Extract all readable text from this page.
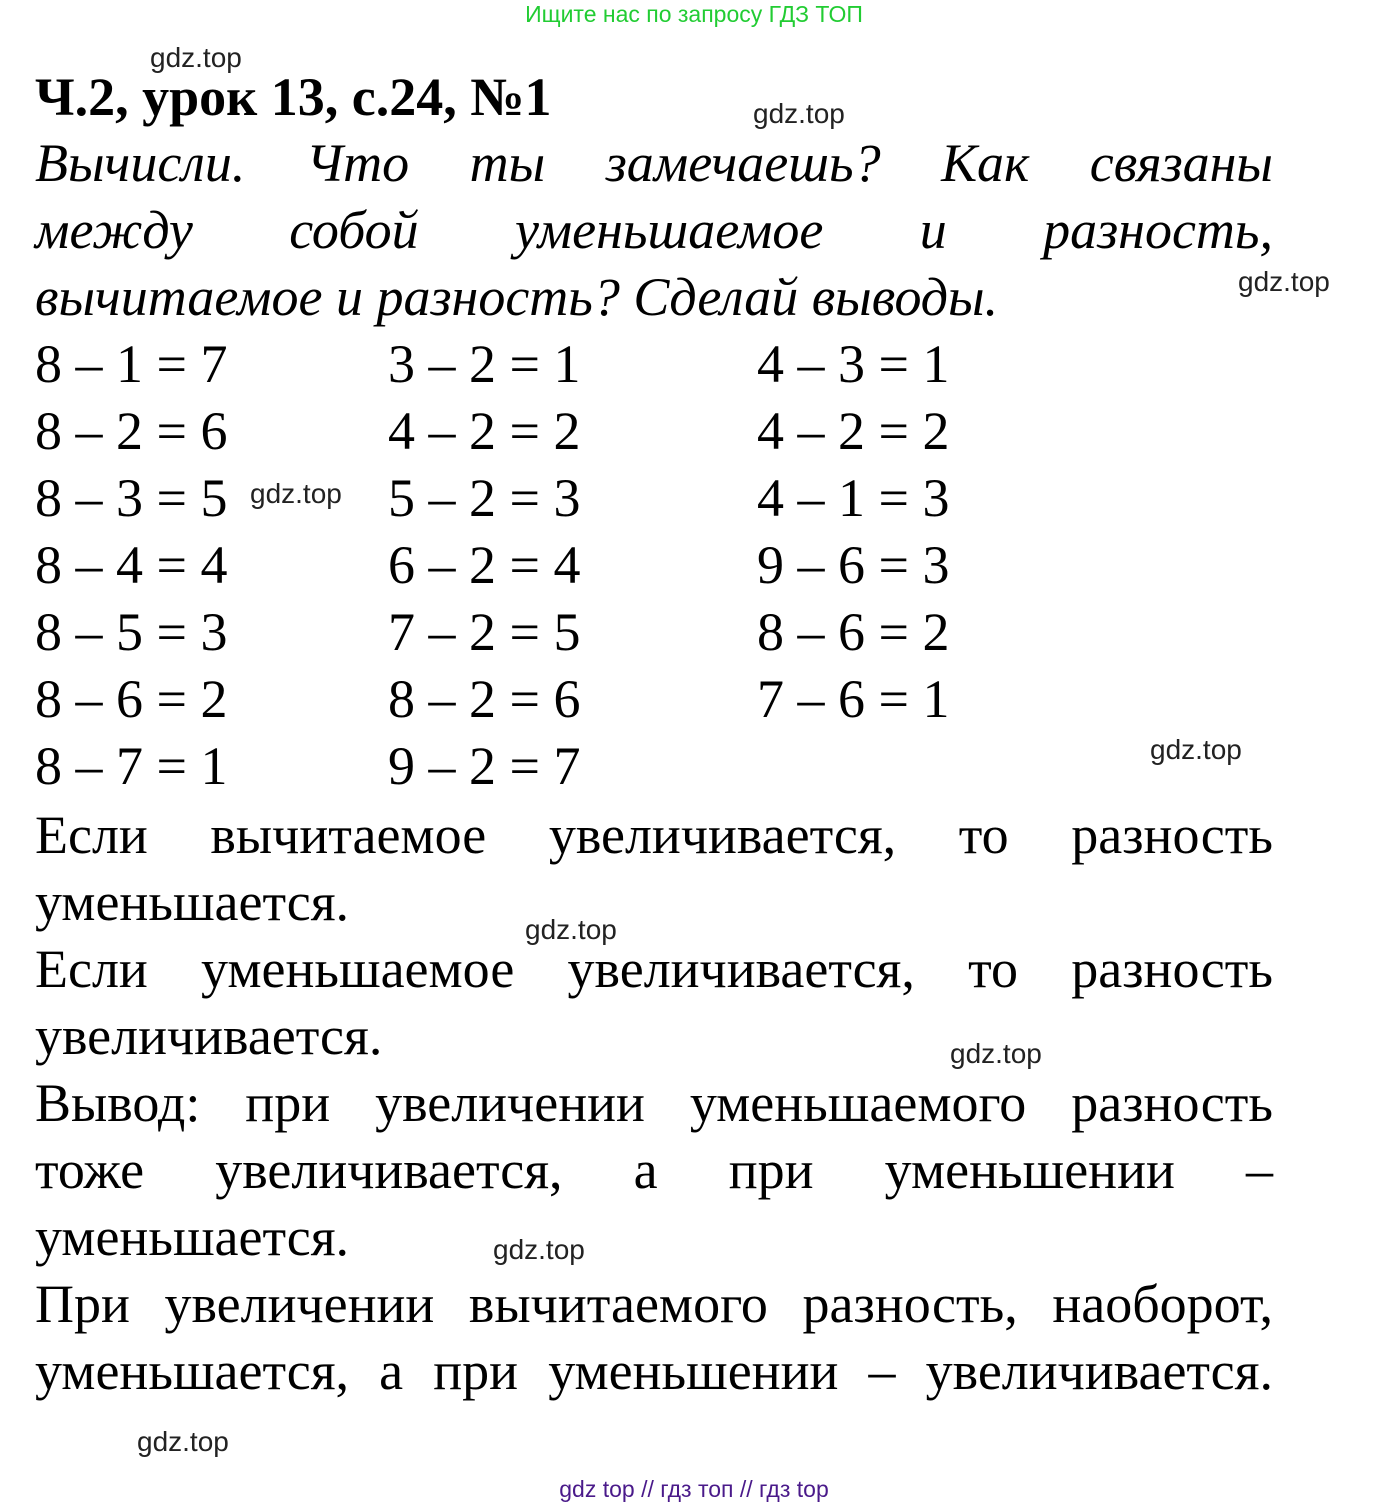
Ищите нас по запросу ГДЗ ТОП
Ч.2, урок 13, с.24, №1
Вычисли. Что ты замечаешь? Как связаны
между собой уменьшаемое и разность,
вычитаемое и разность? Сделай выводы.
8 – 1 = 7
8 – 2 = 6
8 – 3 = 5
8 – 4 = 4
8 – 5 = 3
8 – 6 = 2
8 – 7 = 1
3 – 2 = 1
4 – 2 = 2
5 – 2 = 3
6 – 2 = 4
7 – 2 = 5
8 – 2 = 6
9 – 2 = 7
4 – 3 = 1
4 – 2 = 2
4 – 1 = 3
9 – 6 = 3
8 – 6 = 2
7 – 6 = 1
Если вычитаемое увеличивается, то разность
уменьшается.
Если уменьшаемое увеличивается, то разность
увеличивается.
Вывод: при увеличении уменьшаемого разность
тоже увеличивается, а при уменьшении –
уменьшается.
При увеличении вычитаемого разность, наоборот,
уменьшается, а при уменьшении – увеличивается.
gdz.top
gdz.top
gdz.top
gdz.top
gdz.top
gdz.top
gdz.top
gdz.top
gdz.top
gdz top // гдз топ // гдз top
